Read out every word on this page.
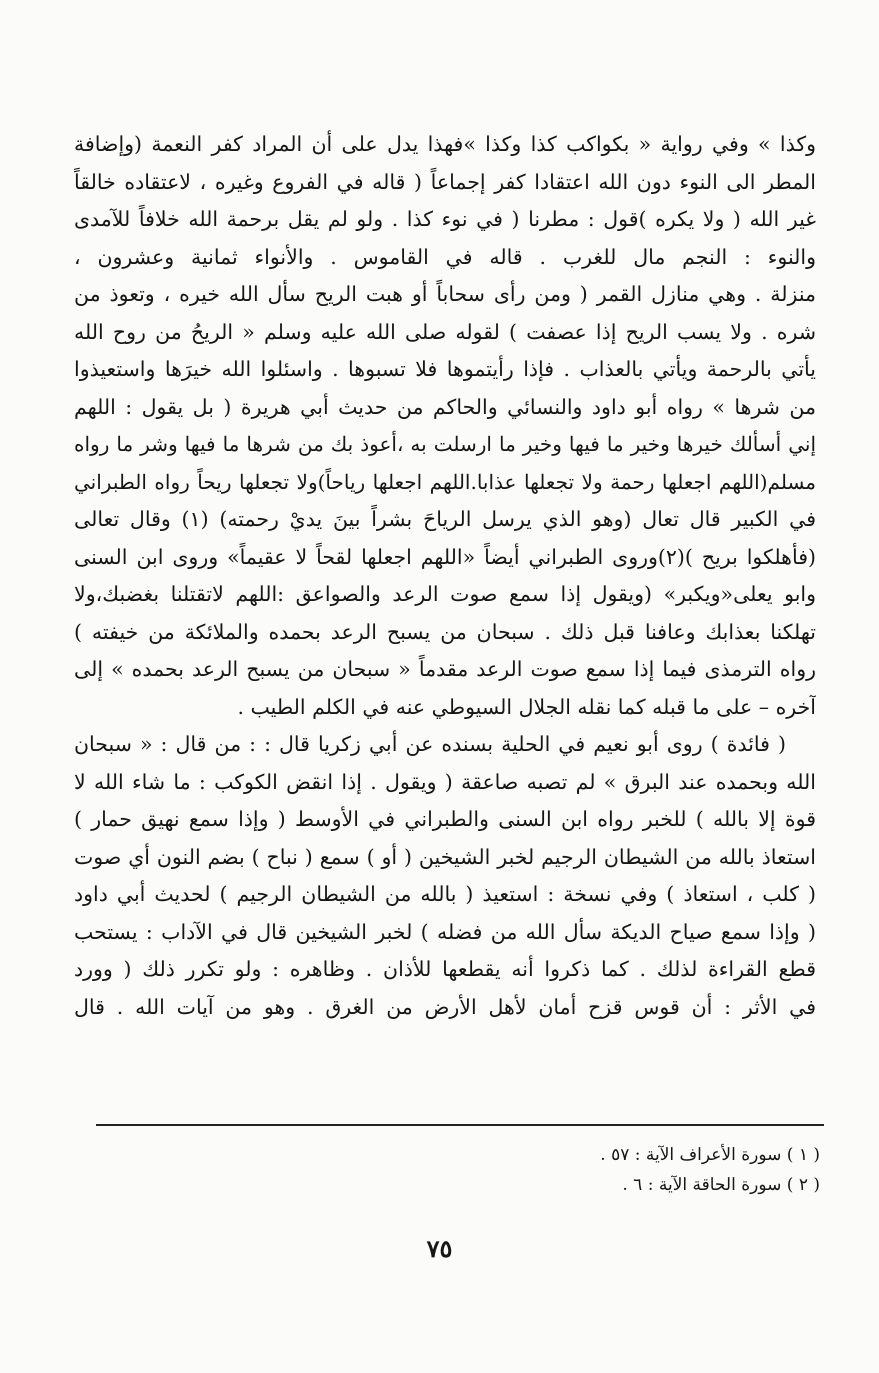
وكذا » وفي رواية « بكواكب كذا وكذا »فهذا يدل على أن المراد كفر النعمة (وإضافة
المطر الى النوء دون الله اعتقادا كفر إجماعاً ( قاله في الفروع وغيره ، لاعتقاده خالقاً
غير الله ( ولا يكره )قول : مطرنا ( في نوء كذا . ولو لم يقل برحمة الله خلافاً للآمدى
والنوء : النجم مال للغرب . قاله في القاموس . والأنواء ثمانية وعشرون ،
منزلة . وهي منازل القمر ( ومن رأى سحاباً أو هبت الريح سأل الله خيره ، وتعوذ من
شره . ولا يسب الريح إذا عصفت ) لقوله صلى الله عليه وسلم « الريحُ من روح الله
يأتي بالرحمة ويأتي بالعذاب . فإذا رأيتموها فلا تسبوها . واسئلوا الله خيرَها واستعيذوا
من شرها » رواه أبو داود والنسائي والحاكم من حديث أبي هريرة ( بل يقول : اللهم
إني أسألك خيرها وخير ما فيها وخير ما ارسلت به ،أعوذ بك من شرها ما فيها وشر ما رواه
مسلم(اللهم اجعلها رحمة ولا تجعلها عذابا.اللهم اجعلها رياحاً)ولا تجعلها ريحاً رواه الطبراني
في الكبير قال تعال (وهو الذي يرسل الرياحَ بشراً بينَ يديْ رحمته) (١) وقال تعالى
(فأهلكوا بريح )(٢)وروى الطبراني أيضاً «اللهم اجعلها لقحاً لا عقيماً» وروى ابن السنى
وابو يعلى«ويكبر» (ويقول إذا سمع صوت الرعد والصواعق :اللهم لاتقتلنا بغضبك،ولا
تهلكنا بعذابك وعافنا قبل ذلك . سبحان من يسبح الرعد بحمده والملائكة من خيفته )
رواه الترمذى فيما إذا سمع صوت الرعد مقدماً « سبحان من يسبح الرعد بحمده » إلى
آخره – على ما قبله كما نقله الجلال السيوطي عنه في الكلم الطيب .
( فائدة ) روى أبو نعيم في الحلية بسنده عن أبي زكريا قال : : من قال : « سبحان
الله وبحمده عند البرق » لم تصبه صاعقة ( ويقول . إذا انقض الكوكب : ما شاء الله لا
قوة إلا بالله ) للخبر رواه ابن السنى والطبراني في الأوسط ( وإذا سمع نهيق حمار )
استعاذ بالله من الشيطان الرجيم لخبر الشيخين ( أو ) سمع ( نباح ) بضم النون أي صوت
( كلب ، استعاذ ) وفي نسخة : استعيذ ( بالله من الشيطان الرجيم ) لحديث أبي داود
( وإذا سمع صياح الديكة سأل الله من فضله ) لخبر الشيخين قال في الآداب : يستحب
قطع القراءة لذلك . كما ذكروا أنه يقطعها للأذان . وظاهره : ولو تكرر ذلك ( وورد
في الأثر : أن قوس قزح أمان لأهل الأرض من الغرق . وهو من آيات الله . قال
( ١ ) سورة الأعراف الآية : ٥٧ .
( ٢ ) سورة الحاقة الآية : ٦ .
٧٥
